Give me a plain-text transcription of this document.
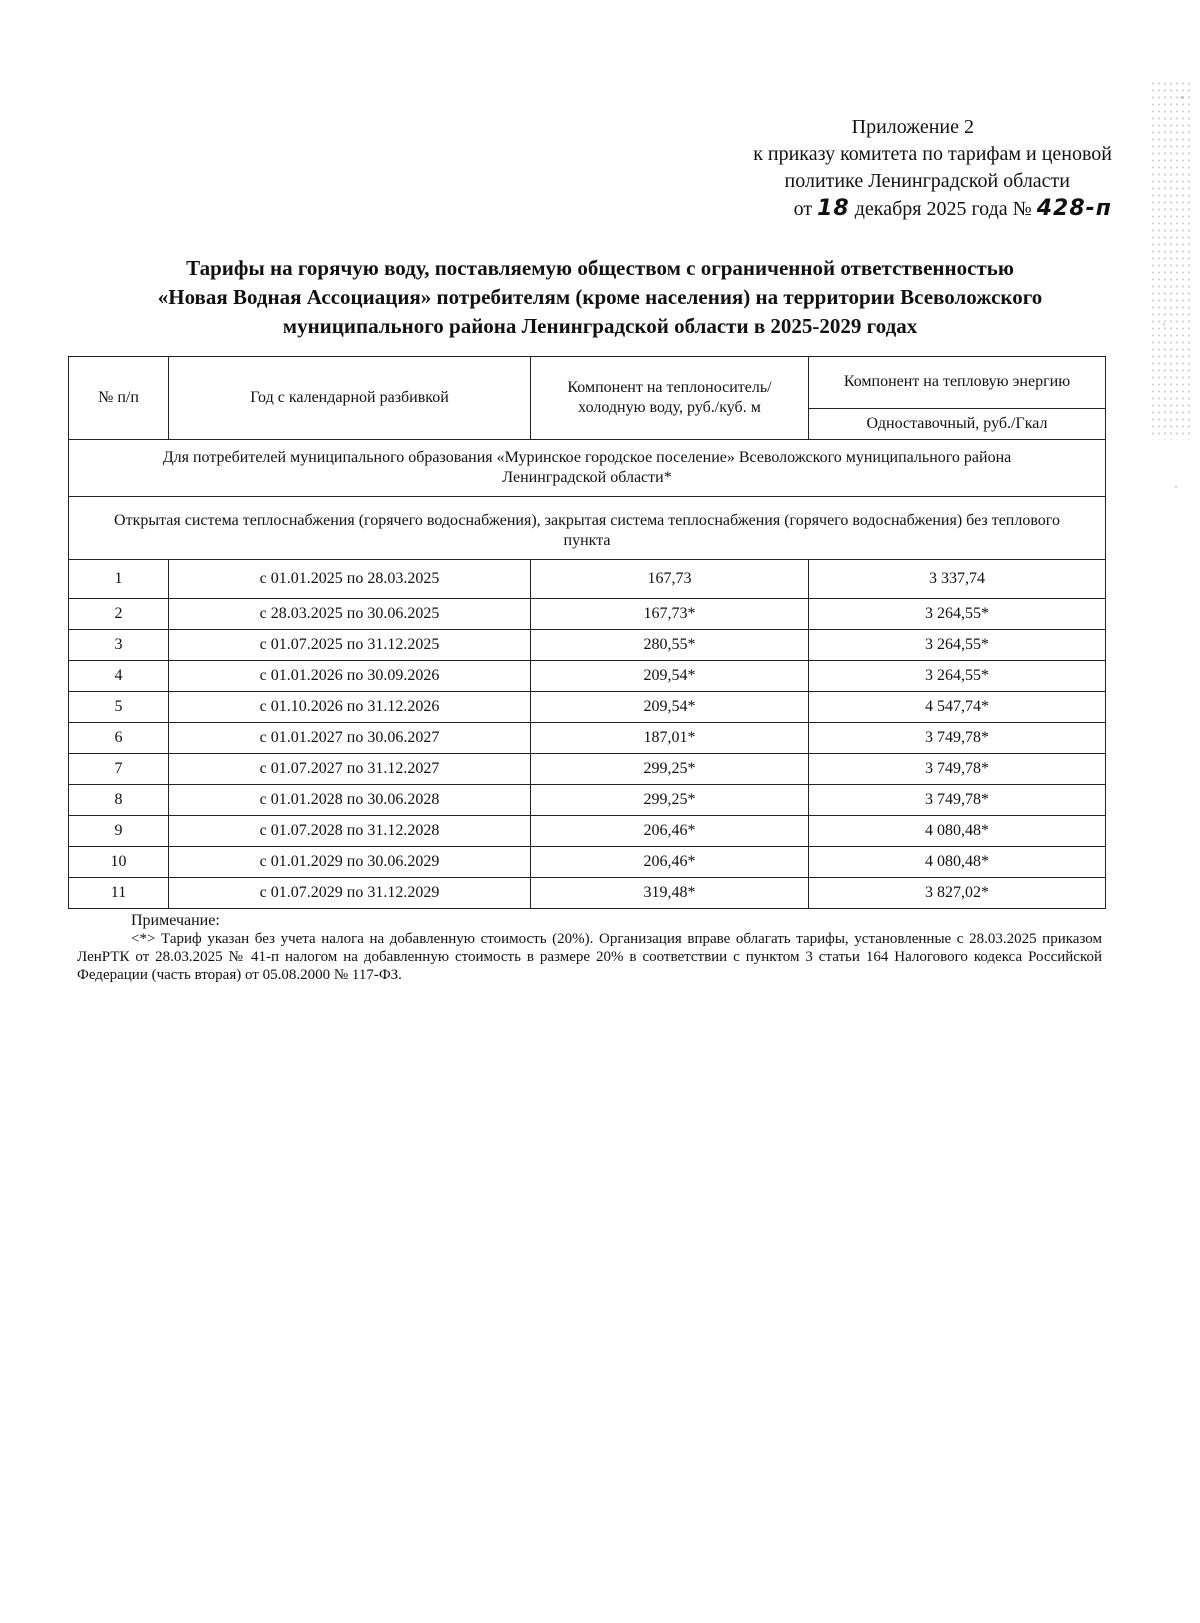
Приложение 2
к приказу комитета по тарифам и ценовой
политике Ленинградской области
от 18 декабря 2025 года № 428-п
Тарифы на горячую воду, поставляемую обществом с ограниченной ответственностью
«Новая Водная Ассоциация» потребителям (кроме населения) на территории Всеволожского
муниципального района Ленинградской области в 2025-2029 годах
№ п/п	Год с календарной разбивкой	Компонент на теплоноситель/ холодную воду, руб./куб. м	Компонент на тепловую энергию
			Одноставочный, руб./Гкал
Для потребителей муниципального образования «Муринское городское поселение» Всеволожского муниципального района Ленинградской области*			
Открытая система теплоснабжения (горячего водоснабжения), закрытая система теплоснабжения (горячего водоснабжения) без теплового пункта			
1	с 01.01.2025 по 28.03.2025	167,73	3 337,74
2	с 28.03.2025 по 30.06.2025	167,73*	3 264,55*
3	с 01.07.2025 по 31.12.2025	280,55*	3 264,55*
4	с 01.01.2026 по 30.09.2026	209,54*	3 264,55*
5	с 01.10.2026 по 31.12.2026	209,54*	4 547,74*
6	с 01.01.2027 по 30.06.2027	187,01*	3 749,78*
7	с 01.07.2027 по 31.12.2027	299,25*	3 749,78*
8	с 01.01.2028 по 30.06.2028	299,25*	3 749,78*
9	с 01.07.2028 по 31.12.2028	206,46*	4 080,48*
10	с 01.01.2029 по 30.06.2029	206,46*	4 080,48*
11	с 01.07.2029 по 31.12.2029	319,48*	3 827,02*
Примечание:
<*> Тариф указан без учета налога на добавленную стоимость (20%). Организация вправе облагать тарифы, установленные с 28.03.2025 приказом ЛенРТК от 28.03.2025 № 41-п налогом на добавленную стоимость в размере 20% в соответствии с пунктом 3 статьи 164 Налогового кодекса Российской Федерации (часть вторая) от 05.08.2000 № 117-ФЗ.
